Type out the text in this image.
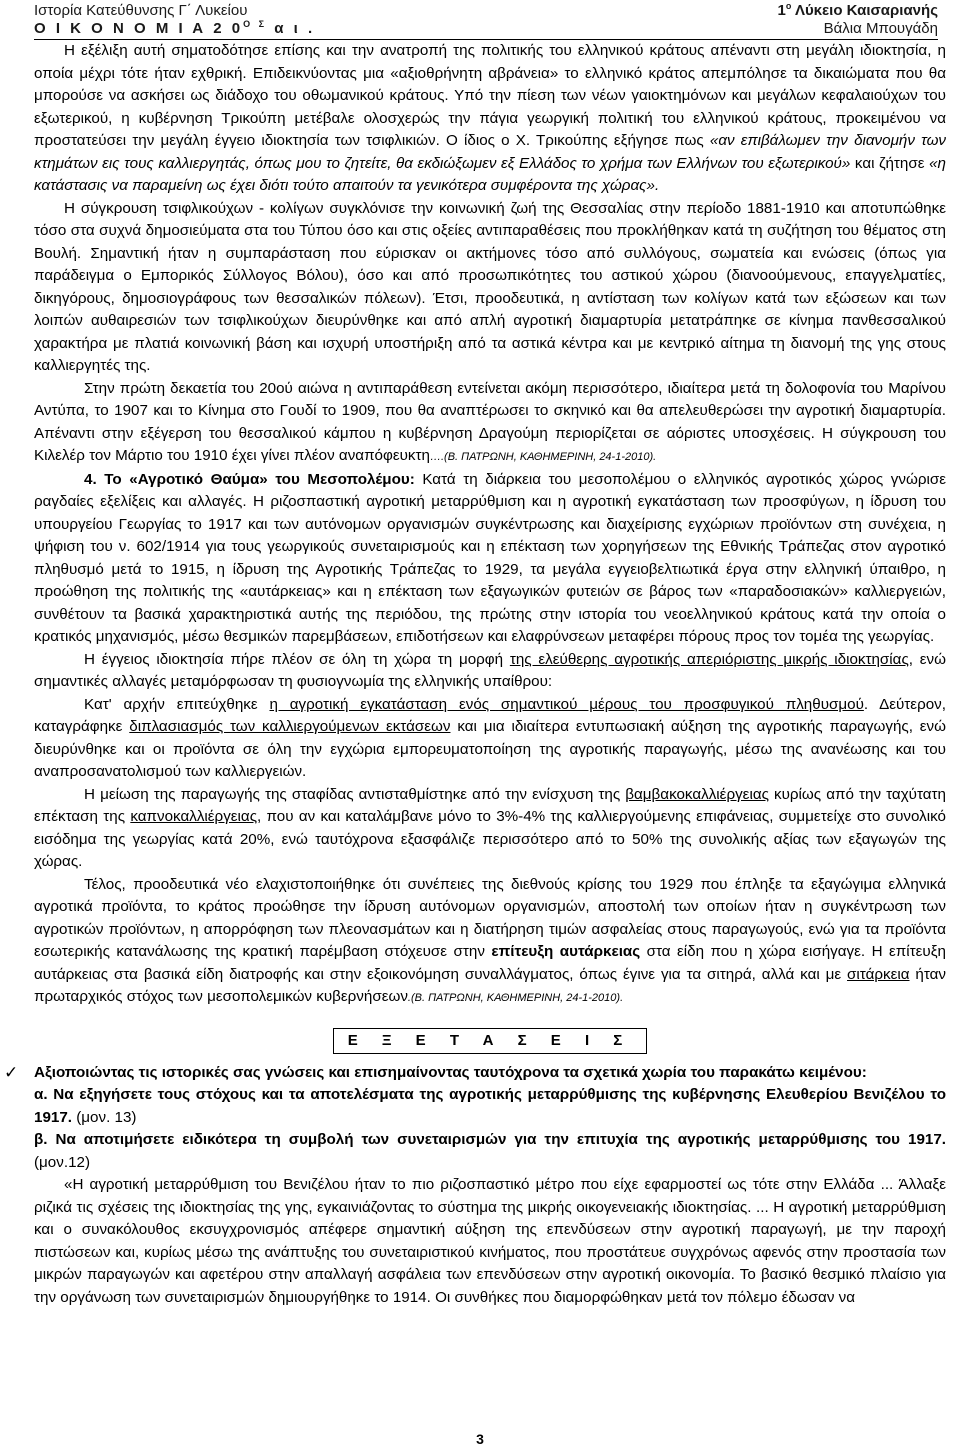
Ιστορία Κατεύθυνσης Γ΄ Λυκείου
Ο Ι Κ Ο Ν Ο Μ Ι Α 2 $0^{O \Sigma}$ α ι .
$1^o$ Λύκειο Καισαριανής
Βάλια Μπουγάδη

Η εξέλιξη αυτή σηματοδότησε επίσης και την ανατροπή της πολιτικής του ελληνικού κράτους απέναντι στη μεγάλη ιδιοκτησία, η οποία μέχρι τότε ήταν εχθρική. Επιδεικνύοντας μια «αξιοθρήνητη αβράνεια» το ελληνικό κράτος απεμπόλησε τα δικαιώματα που θα μπορούσε να ασκήσει ως διάδοχο του οθωμανικού κράτους. Υπό την πίεση των νέων γαιοκτημόνων και μεγάλων κεφαλαιούχων του εξωτερικού, η κυβέρνηση Τρικούπη μετέβαλε ολοσχερώς την πάγια γεωργική πολιτική του ελληνικού κράτους, προκειμένου να προστατεύσει την μεγάλη έγγειο ιδιοκτησία των τσιφλικιών. Ο ίδιος ο Χ. Τρικούπης εξήγησε πως «αν επιβάλωμεν την διανομήν των κτημάτων εις τους καλλιεργητάς, όπως μου το ζητείτε, θα εκδιώξωμεν εξ Ελλάδος το χρήμα των Ελλήνων του εξωτερικού» και ζήτησε «η κατάστασις να παραμείνη ως έχει διότι τούτο απαιτούν τα γενικότερα συμφέροντα της χώρας».

Η σύγκρουση τσιφλικούχων - κολίγων συγκλόνισε την κοινωνική ζωή της Θεσσαλίας στην περίοδο 1881-1910 και αποτυπώθηκε τόσο στα συχνά δημοσιεύματα στα του Τύπου όσο και στις οξείες αντιπαραθέσεις που προκλήθηκαν κατά τη συζήτηση του θέματος στη Βουλή. Σημαντική ήταν η συμπαράσταση που εύρισκαν οι ακτήμονες τόσο από συλλόγους, σωματεία και ενώσεις (όπως για παράδειγμα ο Εμπορικός Σύλλογος Βόλου), όσο και από προσωπικότητες του αστικού χώρου (διανοούμενους, επαγγελματίες, δικηγόρους, δημοσιογράφους των θεσσαλικών πόλεων). Έτσι, προοδευτικά, η αντίσταση των κολίγων κατά των εξώσεων και των λοιπών αυθαιρεσιών των τσιφλικούχων διευρύνθηκε και από απλή αγροτική διαμαρτυρία μετατράπηκε σε κίνημα πανθεσσαλικού χαρακτήρα με πλατιά κοινωνική βάση και ισχυρή υποστήριξη από τα αστικά κέντρα και με κεντρικό αίτημα τη διανομή της γης στους καλλιεργητές της.

Στην πρώτη δεκαετία του 20ού αιώνα η αντιπαράθεση εντείνεται ακόμη περισσότερο, ιδιαίτερα μετά τη δολοφονία του Μαρίνου Αντύπα, το 1907 και το Κίνημα στο Γουδί το 1909, που θα αναπτέρωσει το σκηνικό και θα απελευθερώσει την αγροτική διαμαρτυρία. Απέναντι στην εξέγερση του θεσσαλικού κάμπου η κυβέρνηση Δραγούμη περιορίζεται σε αόριστες υποσχέσεις. Η σύγκρουση του Κιλελέρ τον Μάρτιο του 1910 έχει γίνει πλέον αναπόφευκτη….(Β. ΠΑΤΡΩΝΗ, ΚΑΘΗΜΕΡΙΝΗ, 24-1-2010).

4. Το «Αγροτικό Θαύμα» του Μεσοπολέμου: Κατά τη διάρκεια του μεσοπολέμου ο ελληνικός αγροτικός χώρος γνώρισε ραγδαίες εξελίξεις και αλλαγές. Η ριζοσπαστική αγροτική μεταρρύθμιση και η αγροτική εγκατάσταση των προσφύγων, η ίδρυση του υπουργείου Γεωργίας το 1917 και των αυτόνομων οργανισμών συγκέντρωσης και διαχείρισης εγχώριων προϊόντων στη συνέχεια, η ψήφιση του ν. 602/1914 για τους γεωργικούς συνεταιρισμούς και η επέκταση των χορηγήσεων της Εθνικής Τράπεζας στον αγροτικό πληθυσμό μετά το 1915, η ίδρυση της Αγροτικής Τράπεζας το 1929, τα μεγάλα εγγειοβελτιωτικά έργα στην ελληνική ύπαιθρο, η προώθηση της πολιτικής της «αυτάρκειας» και η επέκταση των εξαγωγικών φυτειών σε βάρος των «παραδοσιακών» καλλιεργειών, συνθέτουν τα βασικά χαρακτηριστικά αυτής της περιόδου, της πρώτης στην ιστορία του νεοελληνικού κράτους κατά την οποία ο κρατικός μηχανισμός, μέσω θεσμικών παρεμβάσεων, επιδοτήσεων και ελαφρύνσεων μεταφέρει πόρους προς τον τομέα της γεωργίας.

Η έγγειος ιδιοκτησία πήρε πλέον σε όλη τη χώρα τη μορφή της ελεύθερης αγροτικής απεριόριστης μικρής ιδιοκτησίας, ενώ σημαντικές αλλαγές μεταμόρφωσαν τη φυσιογνωμία της ελληνικής υπαίθρου:

Κατ' αρχήν επιτεύχθηκε η αγροτική εγκατάσταση ενός σημαντικού μέρους του προσφυγικού πληθυσμού. Δεύτερον, καταγράφηκε διπλασιασμός των καλλιεργούμενων εκτάσεων και μια ιδιαίτερα εντυπωσιακή αύξηση της αγροτικής παραγωγής, ενώ διευρύνθηκε και οι προϊόντα σε όλη την εγχώρια εμπορευματοποίηση της αγροτικής παραγωγής, μέσω της ανανέωσης και του αναπροσανατολισμού των καλλιεργειών.

Η μείωση της παραγωγής της σταφίδας αντισταθμίστηκε από την ενίσχυση της βαμβακοκαλλιέργειας κυρίως από την ταχύτατη επέκταση της καπνοκαλλιέργειας, που αν και καταλάμβανε μόνο το 3%-4% της καλλιεργούμενης επιφάνειας, συμμετείχε στο συνολικό εισόδημα της γεωργίας κατά 20%, ενώ ταυτόχρονα εξασφάλιζε περισσότερο από το 50% της συνολικής αξίας των εξαγωγών της χώρας.

Τέλος, προοδευτικά νέο ελαχιστοποιήθηκε ότι συνέπειες της διεθνούς κρίσης του 1929 που έπληξε τα εξαγώγιμα ελληνικά αγροτικά προϊόντα, το κράτος προώθησε την ίδρυση αυτόνομων οργανισμών, αποστολή των οποίων ήταν η συγκέντρωση των αγροτικών προϊόντων, η απορρόφηση των πλεονασμάτων και η διατήρηση τιμών ασφαλείας στους παραγωγούς, ενώ για τα προϊόντα εσωτερικής κατανάλωσης της κρατική παρέμβαση στόχευσε στην επίτευξη αυτάρκειας στα είδη που η χώρα εισήγαγε. Η επίτευξη αυτάρκειας στα βασικά είδη διατροφής και στην εξοικονόμηση συναλλάγματος, όπως έγινε για τα σιτηρά, αλλά και με σιτάρκεια ήταν πρωταρχικός στόχος των μεσοπολεμικών κυβερνήσεων.(Β. ΠΑΤΡΩΝΗ, ΚΑΘΗΜΕΡΙΝΗ, 24-1-2010).

Ε Ξ Ε Τ Α Σ Ε Ι Σ

✓ Αξιοποιώντας τις ιστορικές σας γνώσεις και επισημαίνοντας ταυτόχρονα τα σχετικά χωρία του παρακάτω κειμένου:

α. Να εξηγήσετε τους στόχους και τα αποτελέσματα της αγροτικής μεταρρύθμισης της κυβέρνησης Ελευθερίου Βενιζέλου το 1917. (μον. 13)

β. Να αποτιμήσετε ειδικότερα τη συμβολή των συνεταιρισμών για την επιτυχία της αγροτικής μεταρρύθμισης του 1917. (μον.12)

«Η αγροτική μεταρρύθμιση του Βενιζέλου ήταν το πιο ριζοσπαστικό μέτρο που είχε εφαρμοστεί ως τότε στην Ελλάδα ... Άλλαξε ριζικά τις σχέσεις της ιδιοκτησίας της γης, εγκαινιάζοντας το σύστημα της μικρής οικογενειακής ιδιοκτησίας. ... Η αγροτική μεταρρύθμιση και ο συνακόλουθος εκσυγχρονισμός απέφερε σημαντική αύξηση της επενδύσεων στην αγροτική παραγωγή, με την παροχή πιστώσεων και, κυρίως μέσω της ανάπτυξης του συνεταιριστικού κινήματος, που προστάτευε συγχρόνως αφενός στην προστασία των μικρών παραγωγών και αφετέρου στην απαλλαγή ασφάλεια των επενδύσεων στην αγροτική οικονομία. Το βασικό θεσμικό πλαίσιο για την οργάνωση των συνεταιρισμών δημιουργήθηκε το 1914. Οι συνθήκες που διαμορφώθηκαν μετά τον πόλεμο έδωσαν να

3
